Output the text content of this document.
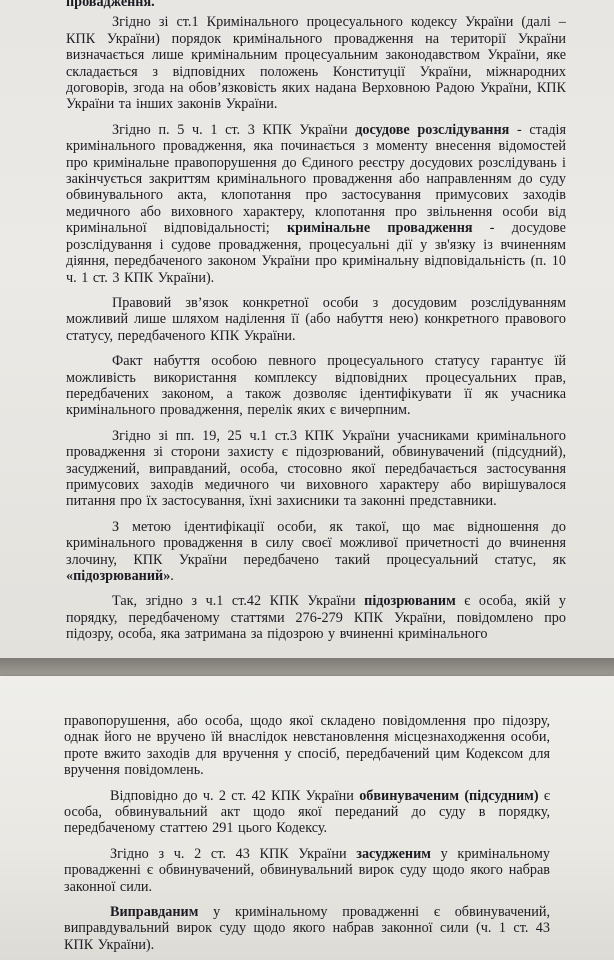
провадження.

Згідно зі ст.1 Кримінального процесуального кодексу України (далі – КПК України) порядок кримінального провадження на території України визначається лише кримінальним процесуальним законодавством України, яке складається з відповідних положень Конституції України, міжнародних договорів, згода на обов’язковість яких надана Верховною Радою України, КПК України та інших законів України.

Згідно п. 5 ч. 1 ст. 3 КПК України досудове розслідування - стадія кримінального провадження, яка починається з моменту внесення відомостей про кримінальне правопорушення до Єдиного реєстру досудових розслідувань і закінчується закриттям кримінального провадження або направленням до суду обвинувального акта, клопотання про застосування примусових заходів медичного або виховного характеру, клопотання про звільнення особи від кримінальної відповідальності; кримінальне провадження - досудове розслідування і судове провадження, процесуальні дії у зв'язку із вчиненням діяння, передбаченого законом України про кримінальну відповідальність (п. 10 ч. 1 ст. 3 КПК України).

Правовий зв’язок конкретної особи з досудовим розслідуванням можливий лише шляхом наділення її (або набуття нею) конкретного правового статусу, передбаченого КПК України.

Факт набуття особою певного процесуального статусу гарантує їй можливість використання комплексу відповідних процесуальних прав, передбачених законом, а також дозволяє ідентифікувати її як учасника кримінального провадження, перелік яких є вичерпним.

Згідно зі пп. 19, 25 ч.1 ст.3 КПК України учасниками кримінального провадження зі сторони захисту є підозрюваний, обвинувачений (підсудний), засуджений, виправданий, особа, стосовно якої передбачається застосування примусових заходів медичного чи виховного характеру або вирішувалося питання про їх застосування, їхні захисники та законні представники.

З метою ідентифікації особи, як такої, що має відношення до кримінального провадження в силу своєї можливої причетності до вчинення злочину, КПК України передбачено такий процесуальний статус, як «підозрюваний».

Так, згідно з ч.1 ст.42 КПК України підозрюваним є особа, якій у порядку, передбаченому статтями 276-279 КПК України, повідомлено про підозру, особа, яка затримана за підозрою у вчиненні кримінального

правопорушення, або особа, щодо якої складено повідомлення про підозру, однак його не вручено їй внаслідок невстановлення місцезнаходження особи, проте вжито заходів для вручення у спосіб, передбачений цим Кодексом для вручення повідомлень.

Відповідно до ч. 2 ст. 42 КПК України обвинуваченим (підсудним) є особа, обвинувальний акт щодо якої переданий до суду в порядку, передбаченому статтею 291 цього Кодексу.

Згідно з ч. 2 ст. 43 КПК України засудженим у кримінальному провадженні є обвинувачений, обвинувальний вирок суду щодо якого набрав законної сили.

Виправданим у кримінальному провадженні є обвинувачений, виправдувальний вирок суду щодо якого набрав законної сили (ч. 1 ст. 43 КПК України).
